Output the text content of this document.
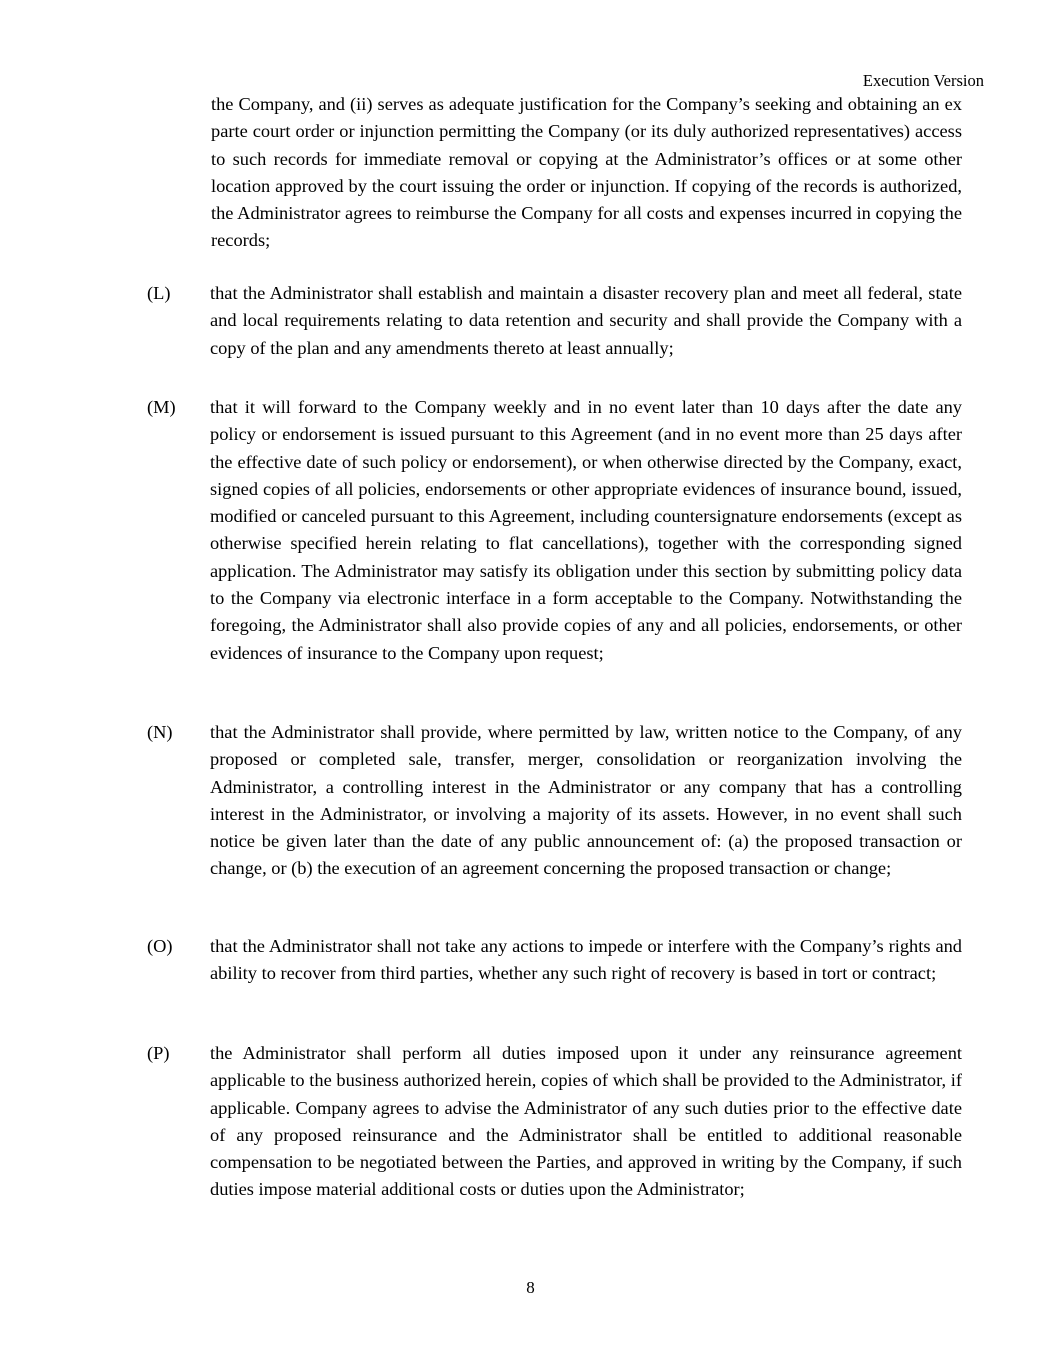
Execution Version
the Company, and (ii) serves as adequate justification for the Company’s seeking and obtaining an ex parte court order or injunction permitting the Company (or its duly authorized representatives) access to such records for immediate removal or copying at the Administrator’s offices or at some other location approved by the court issuing the order or injunction. If copying of the records is authorized, the Administrator agrees to reimburse the Company for all costs and expenses incurred in copying the records;
(L) that the Administrator shall establish and maintain a disaster recovery plan and meet all federal, state and local requirements relating to data retention and security and shall provide the Company with a copy of the plan and any amendments thereto at least annually;
(M) that it will forward to the Company weekly and in no event later than 10 days after the date any policy or endorsement is issued pursuant to this Agreement (and in no event more than 25 days after the effective date of such policy or endorsement), or when otherwise directed by the Company, exact, signed copies of all policies, endorsements or other appropriate evidences of insurance bound, issued, modified or canceled pursuant to this Agreement, including countersignature endorsements (except as otherwise specified herein relating to flat cancellations), together with the corresponding signed application. The Administrator may satisfy its obligation under this section by submitting policy data to the Company via electronic interface in a form acceptable to the Company. Notwithstanding the foregoing, the Administrator shall also provide copies of any and all policies, endorsements, or other evidences of insurance to the Company upon request;
(N) that the Administrator shall provide, where permitted by law, written notice to the Company, of any proposed or completed sale, transfer, merger, consolidation or reorganization involving the Administrator, a controlling interest in the Administrator or any company that has a controlling interest in the Administrator, or involving a majority of its assets. However, in no event shall such notice be given later than the date of any public announcement of: (a) the proposed transaction or change, or (b) the execution of an agreement concerning the proposed transaction or change;
(O) that the Administrator shall not take any actions to impede or interfere with the Company’s rights and ability to recover from third parties, whether any such right of recovery is based in tort or contract;
(P) the Administrator shall perform all duties imposed upon it under any reinsurance agreement applicable to the business authorized herein, copies of which shall be provided to the Administrator, if applicable. Company agrees to advise the Administrator of any such duties prior to the effective date of any proposed reinsurance and the Administrator shall be entitled to additional reasonable compensation to be negotiated between the Parties, and approved in writing by the Company, if such duties impose material additional costs or duties upon the Administrator;
8
